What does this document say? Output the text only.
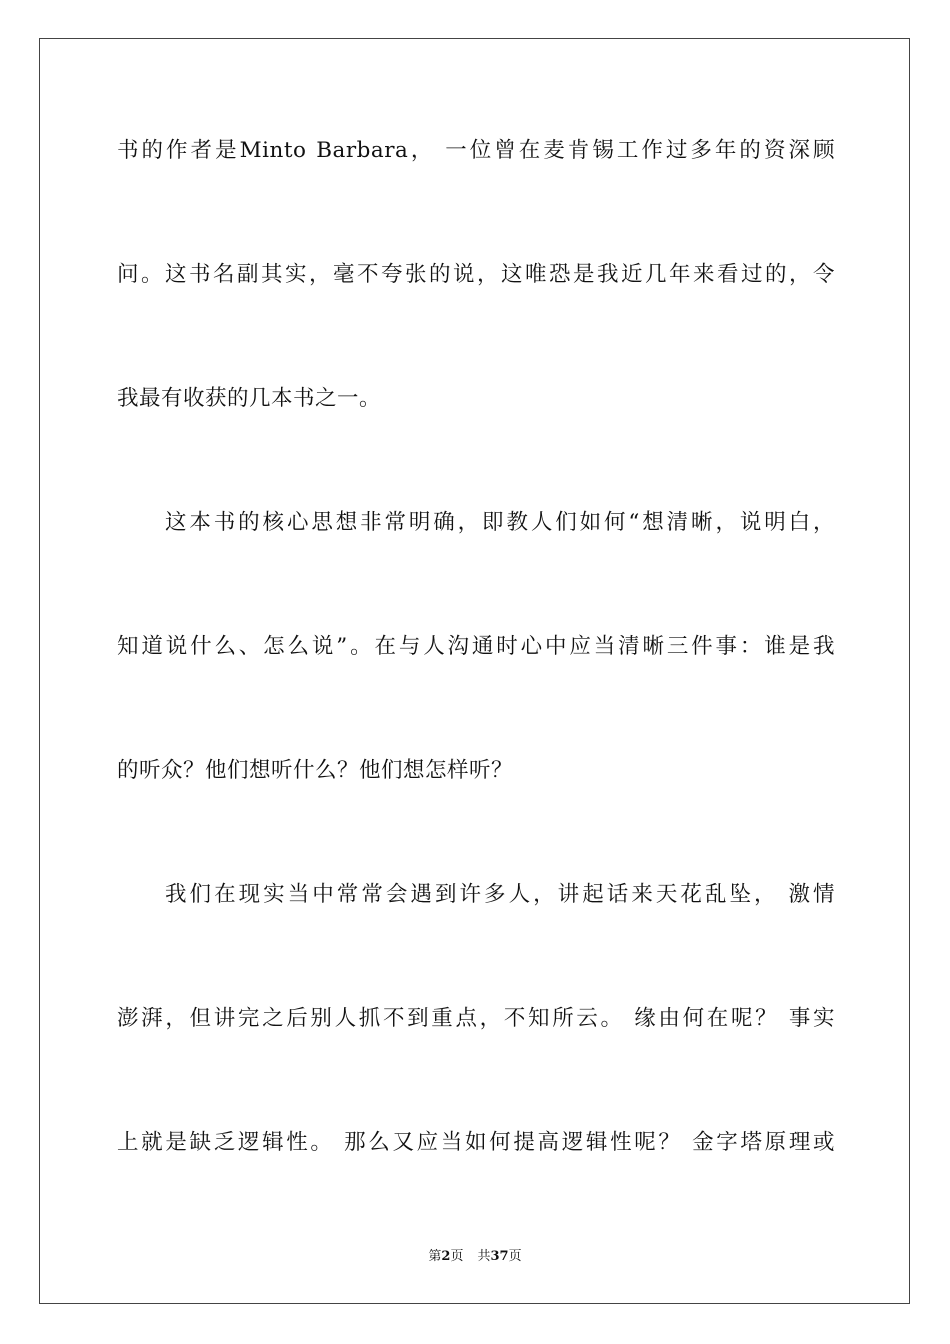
书的作者是Minto Barbara， 一位曾在麦肯锡工作过多年的资深顾
问。这书名副其实，毫不夸张的说，这唯恐是我近几年来看过的，令
我最有收获的几本书之一。
这本书的核心思想非常明确，即教人们如何“想清晰，说明白，
知道说什么、怎么说”。在与人沟通时心中应当清晰三件事：谁是我
的听众？他们想听什么？他们想怎样听？
我们在现实当中常常会遇到许多人，讲起话来天花乱坠， 激情
澎湃，但讲完之后别人抓不到重点，不知所云。 缘由何在呢？ 事实
上就是缺乏逻辑性。 那么又应当如何提高逻辑性呢？ 金字塔原理或
第2页 共37页
